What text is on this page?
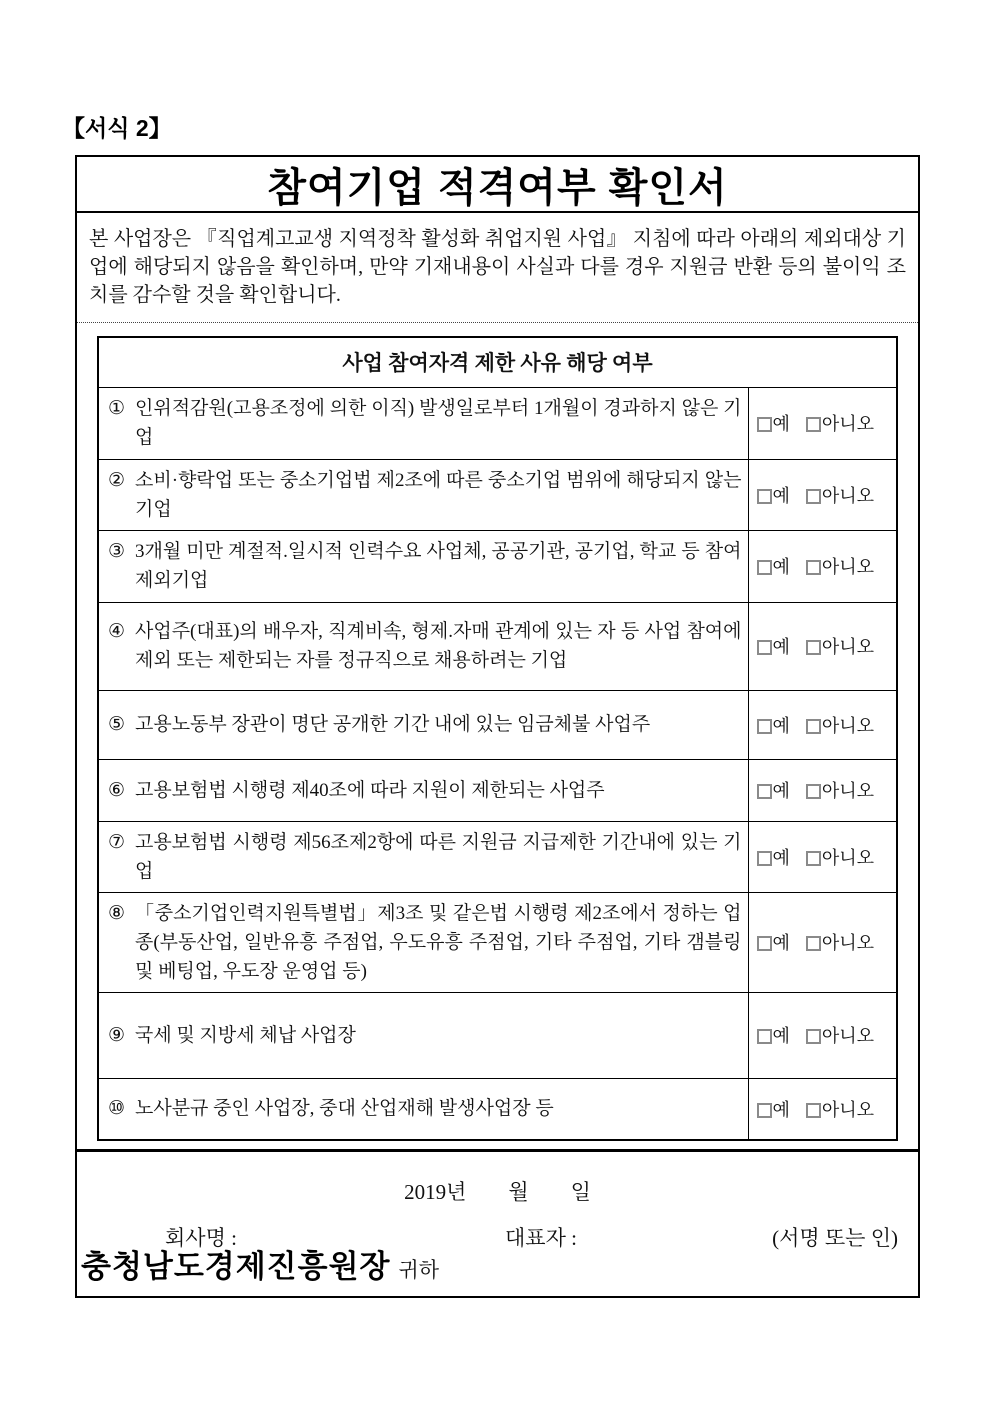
【서식 2】
참여기업 적격여부 확인서
본 사업장은 『직업계고교생 지역정착 활성화 취업지원 사업』 지침에 따라 아래의 제외대상 기업에 해당되지 않음을 확인하며, 만약 기재내용이 사실과 다를 경우 지원금 반환 등의 불이익 조치를 감수할 것을 확인합니다.
사업 참여자격 제한 사유 해당 여부	

① 인위적감원(고용조정에 의한 이직) 발생일로부터 1개월이 경과하지 않은 기업	예 아니오

② 소비·향락업 또는 중소기업법 제2조에 따른 중소기업 범위에 해당되지 않는 기업	예 아니오

③ 3개월 미만 계절적.일시적 인력수요 사업체, 공공기관, 공기업, 학교 등 참여 제외기업	예 아니오

④ 사업주(대표)의 배우자, 직계비속, 형제.자매 관계에 있는 자 등 사업 참여에 제외 또는 제한되는 자를 정규직으로 채용하려는 기업	예 아니오

⑤ 고용노동부 장관이 명단 공개한 기간 내에 있는 임금체불 사업주	예 아니오

⑥ 고용보험법 시행령 제40조에 따라 지원이 제한되는 사업주	예 아니오

⑦ 고용보험법 시행령 제56조제2항에 따른 지원금 지급제한 기간내에 있는 기업	예 아니오

⑧ 「중소기업인력지원특별법」제3조 및 같은법 시행령 제2조에서 정하는 업종(부동산업, 일반유흥 주점업, 우도유흥 주점업, 기타 주점업, 기타 갬블링 및 베팅업, 우도장 운영업 등)	예 아니오

⑨ 국세 및 지방세 체납 사업장	예 아니오

⑩ 노사분규 중인 사업장, 중대 산업재해 발생사업장 등	예 아니오
2019년        월        일
회사명 :	대표자 :	(서명 또는 인)
충청남도경제진흥원장 귀하
